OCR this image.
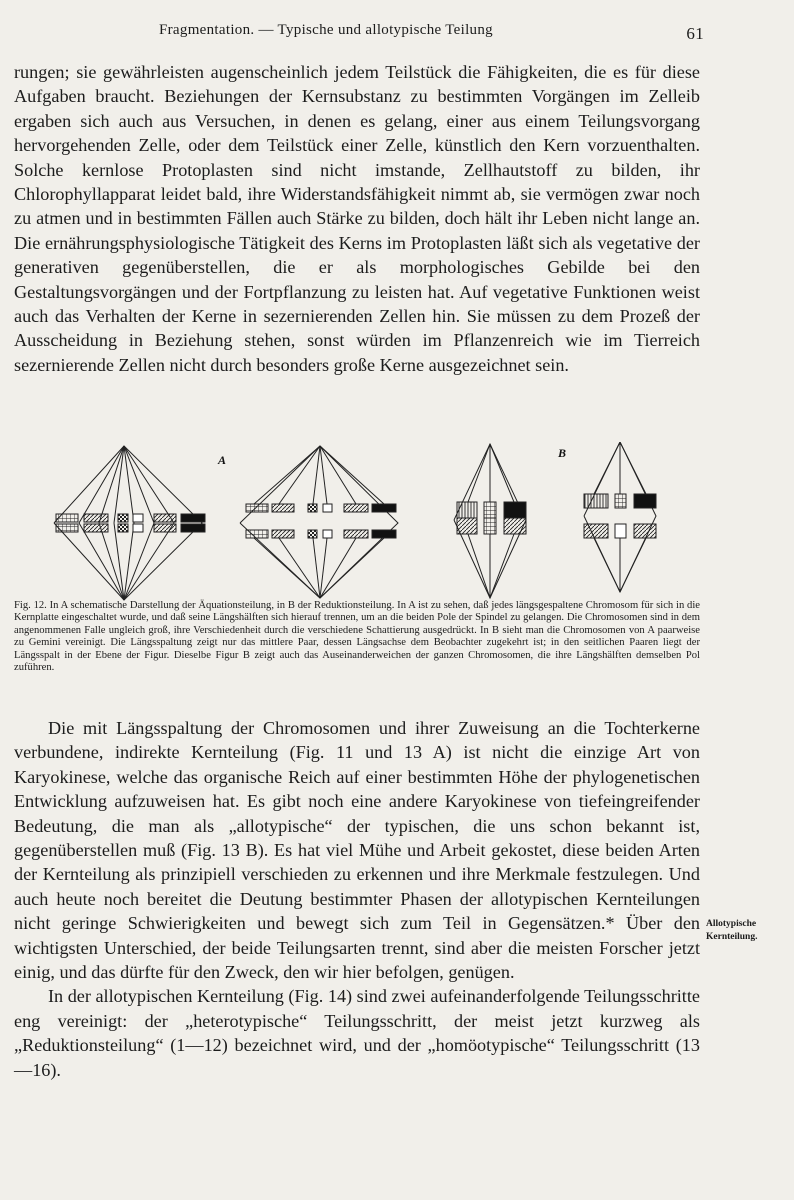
Fragmentation. — Typische und allotypische Teilung	61

rungen; sie gewährleisten augenscheinlich jedem Teilstück die Fähigkeiten, die es für diese Aufgaben braucht. Beziehungen der Kernsubstanz zu bestimmten Vorgängen im Zelleib ergaben sich auch aus Versuchen, in denen es gelang, einer aus einem Teilungsvorgang hervorgehenden Zelle, oder dem Teilstück einer Zelle, künstlich den Kern vorzuenthalten. Solche kernlose Protoplasten sind nicht imstande, Zellhautstoff zu bilden, ihr Chlorophyllapparat leidet bald, ihre Widerstandsfähigkeit nimmt ab, sie vermögen zwar noch zu atmen und in bestimmten Fällen auch Stärke zu bilden, doch hält ihr Leben nicht lange an. Die ernährungsphysiologische Tätigkeit des Kerns im Protoplasten läßt sich als vegetative der generativen gegenüberstellen, die er als morphologisches Gebilde bei den Gestaltungsvorgängen und der Fortpflanzung zu leisten hat. Auf vegetative Funktionen weist auch das Verhalten der Kerne in sezernierenden Zellen hin. Sie müssen zu dem Prozeß der Ausscheidung in Beziehung stehen, sonst würden im Pflanzenreich wie im Tierreich sezernierende Zellen nicht durch besonders große Kerne ausgezeichnet sein.

A	B

Fig. 12. In A schematische Darstellung der Äquationsteilung, in B der Reduktionsteilung. In A ist zu sehen, daß jedes längsgespaltene Chromosom für sich in die Kernplatte eingeschaltet wurde, und daß seine Längshälften sich hierauf trennen, um an die beiden Pole der Spindel zu gelangen. Die Chromosomen sind in dem angenommenen Falle ungleich groß, ihre Verschiedenheit durch die verschiedene Schattierung ausgedrückt. In B sieht man die Chromosomen von A paarweise zu Gemini vereinigt. Die Längsspaltung zeigt nur das mittlere Paar, dessen Längsachse dem Beobachter zugekehrt ist; in den seitlichen Paaren liegt der Längsspalt in der Ebene der Figur. Dieselbe Figur B zeigt auch das Auseinanderweichen der ganzen Chromosomen, die ihre Längshälften demselben Pol zuführen.

Die mit Längsspaltung der Chromosomen und ihrer Zuweisung an die Tochterkerne verbundene, indirekte Kernteilung (Fig. 11 und 13 A) ist nicht die einzige Art von Karyokinese, welche das organische Reich auf einer bestimmten Höhe der phylogenetischen Entwicklung aufzuweisen hat. Es gibt noch eine andere Karyokinese von tiefeingreifender Bedeutung, die man als „allotypische“ der typischen, die uns schon bekannt ist, gegenüberstellen muß (Fig. 13 B). Es hat viel Mühe und Arbeit gekostet, diese beiden Arten der Kernteilung als prinzipiell verschieden zu erkennen und ihre Merkmale festzulegen. Und auch heute noch bereitet die Deutung bestimmter Phasen der allotypischen Kernteilungen nicht geringe Schwierigkeiten und bewegt sich zum Teil in Gegensätzen.* Über den wichtigsten Unterschied, der beide Teilungsarten trennt, sind aber die meisten Forscher jetzt einig, und das dürfte für den Zweck, den wir hier befolgen, genügen.

In der allotypischen Kernteilung (Fig. 14) sind zwei aufeinanderfolgende Teilungsschritte eng vereinigt: der „heterotypische“ Teilungsschritt, der meist jetzt kurzweg als „Reduktionsteilung“ (1—12) bezeichnet wird, und der „homöotypische“ Teilungsschritt (13—16).

Allotypische
Kernteilung.
